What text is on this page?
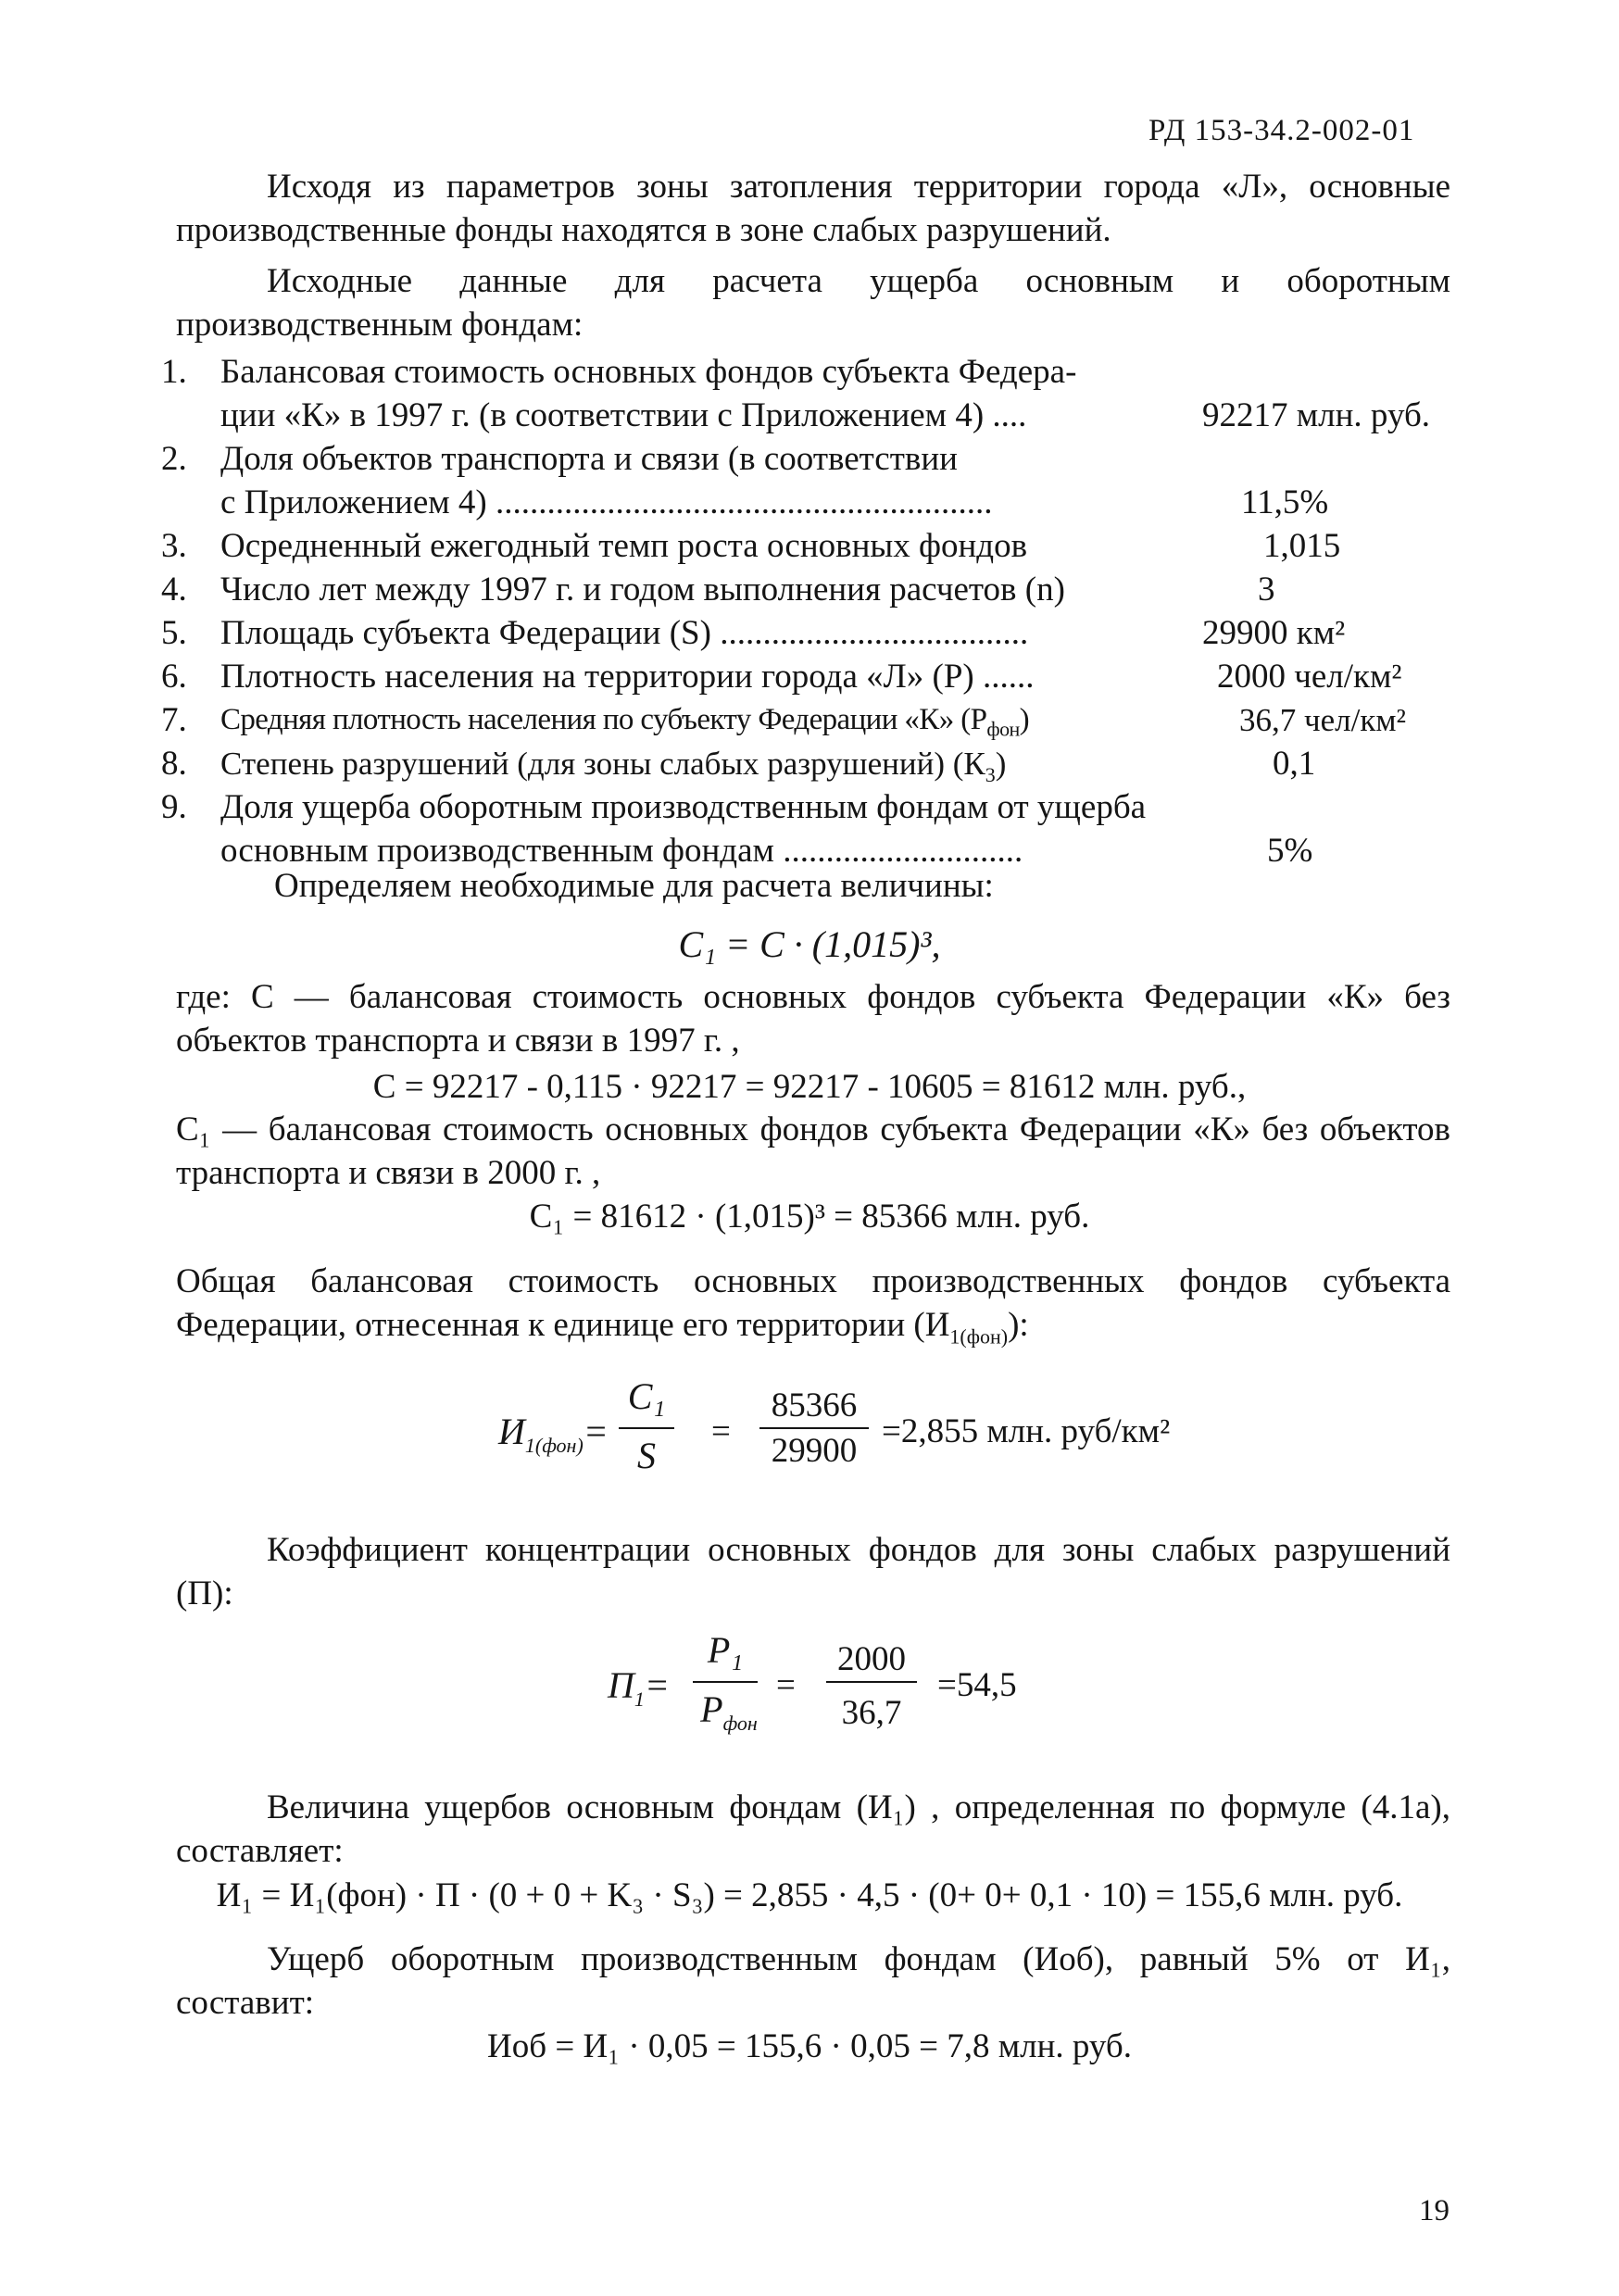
РД 153-34.2-002-01
Исходя из параметров зоны затопления территории города «Л», основные производственные фонды находятся в зоне слабых разрушений.
Исходные данные для расчета ущерба основным и оборотным производственным фондам:
1. Балансовая стоимость основных фондов субъекта Федера-
ции «К» в 1997 г. (в соответствии с Приложением 4) ....	92217 млн. руб.
2. Доля объектов транспорта и связи (в соответствии
с Приложением 4) ..........................................................	11,5%
3. Осредненный ежегодный темп роста основных фондов	1,015
4. Число лет между 1997 г. и годом выполнения расчетов (n)	3
5. Площадь субъекта Федерации (S) ....................................	29900 км²
6. Плотность населения на территории города «Л» (Р) ......	2000 чел/км²
7. Средняя плотность населения по субъекту Федерации «К» $(Р_{фон})$	36,7 чел/км²
8. Степень разрушений (для зоны слабых разрушений) $(К_3)$	0,1
9. Доля ущерба оборотным производственным фондам от ущерба
основным производственным фондам ............................	5%
Определяем необходимые для расчета величины:
C₁ = C · (1,015)³,
где: С — балансовая стоимость основных фондов субъекта Федерации «К» без объектов транспорта и связи в 1997 г. ,
C = 92217 - 0,115 · 92217 = 92217 - 10605 = 81612 млн. руб.,
C₁ — балансовая стоимость основных фондов субъекта Федерации «К» без объектов транспорта и связи в 2000 г. ,
C₁ = 81612 · (1,015)³ = 85366 млн. руб.
Общая балансовая стоимость основных производственных фондов субъекта Федерации, отнесенная к единице его территории $(И_{1(фон)})$:
$И_{1(фон)}=$
C₁
S
=
85366
29900
=2,855 млн. руб/км²
Коэффициент концентрации основных фондов для зоны слабых разрушений (П):
$П_1=$
P₁
$P_{фон}$
=
2000
36,7
=54,5
Величина ущербов основным фондам (И₁) , определенная по формуле (4.1а), составляет:
И₁ = И₁(фон) · П · (0 + 0 + K₃ · S₃) = 2,855 · 4,5 · (0+ 0+ 0,1 · 10) = 155,6 млн. руб.
Ущерб оборотным производственным фондам (Иоб), равный 5% от И₁, составит:
Иоб = И₁ · 0,05 = 155,6 · 0,05 = 7,8 млн. руб.
19
